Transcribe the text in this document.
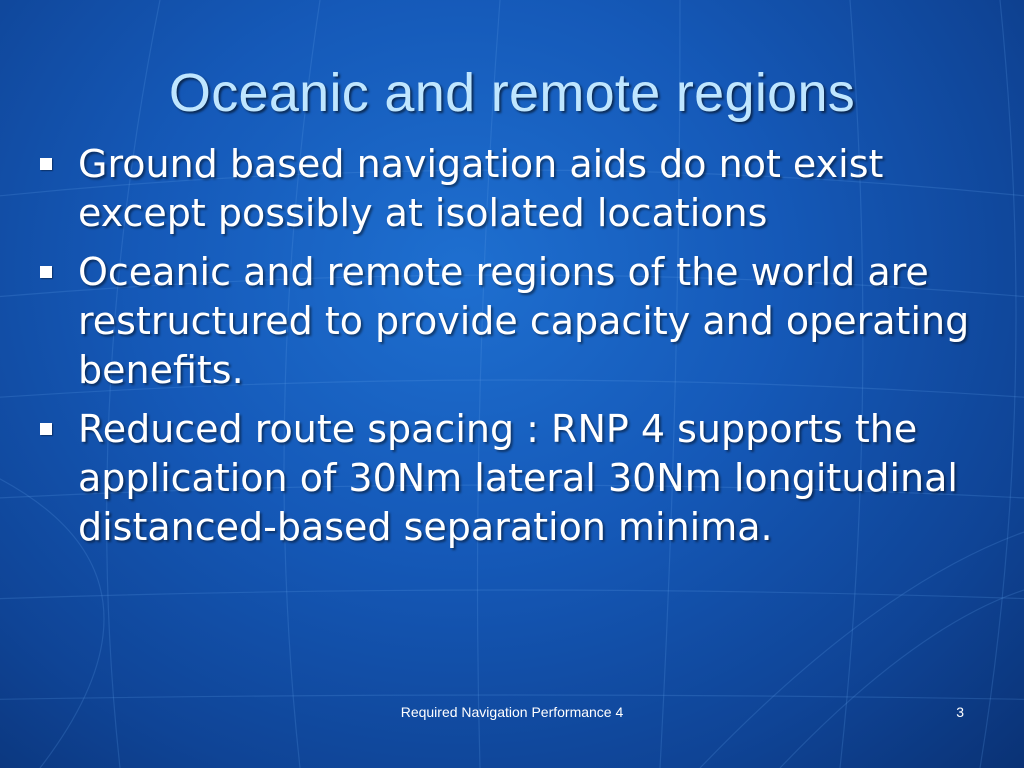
Oceanic and remote regions
Ground based navigation aids do not exist except possibly at isolated locations
Oceanic and remote regions of the world are restructured to provide capacity and operating benefits.
Reduced route spacing : RNP 4 supports the application of 30Nm lateral 30Nm longitudinal distanced-based separation minima.
Required Navigation Performance 4	3
